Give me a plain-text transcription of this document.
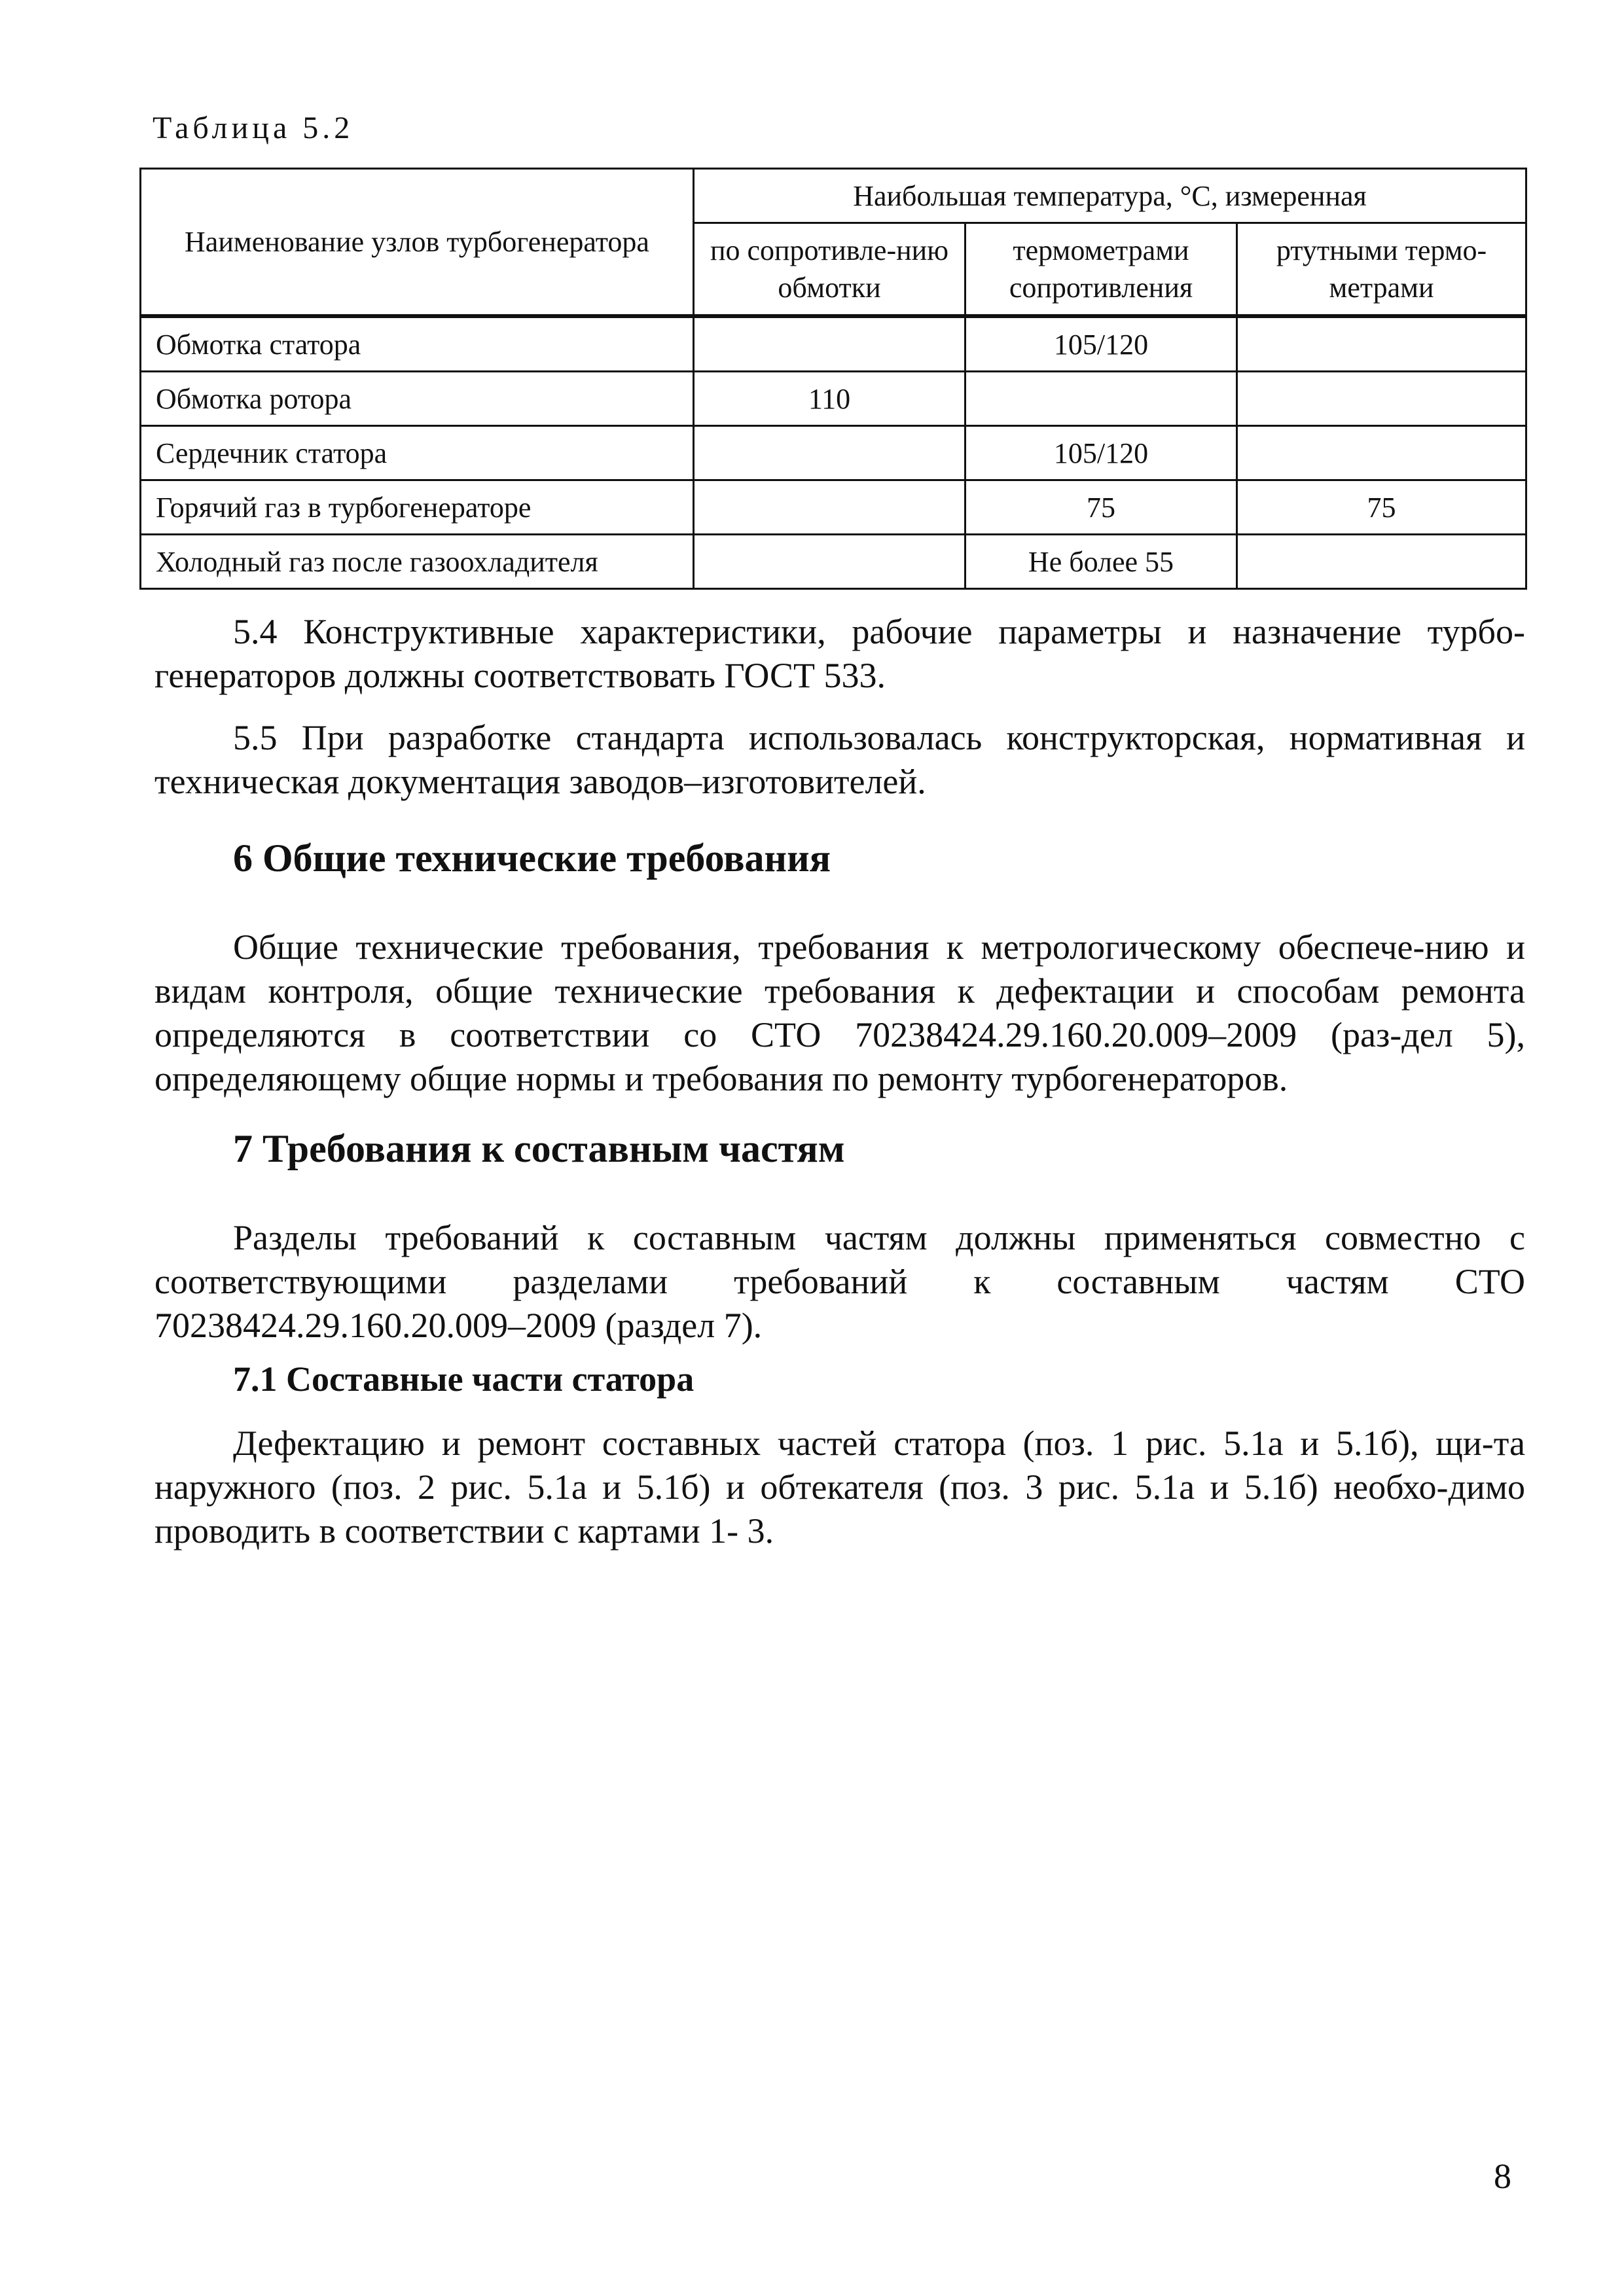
Таблица 5.2
Наименование узлов турбогенератора	Наибольшая температура, °С, измеренная		
	по сопротивле-нию обмотки	термометрами сопротивления	ртутными термо-метрами
Обмотка статора		105/120	
Обмотка ротора	110		
Сердечник статора		105/120	
Горячий газ в турбогенераторе		75	75
Холодный газ после газоохладителя		Не более 55	

5.4 Конструктивные характеристики, рабочие параметры и назначение турбо-генераторов должны соответствовать ГОСТ 533.

5.5 При разработке стандарта использовалась конструкторская, нормативная и техническая документация заводов–изготовителей.

6 Общие технические требования

Общие технические требования, требования к метрологическому обеспече-нию и видам контроля, общие технические требования к дефектации и способам ремонта определяются в соответствии со СТО 70238424.29.160.20.009–2009 (раз-дел 5), определяющему общие нормы и требования по ремонту турбогенераторов.

7 Требования к составным частям

Разделы требований к составным частям должны применяться совместно с соответствующими разделами требований к составным частям СТО 70238424.29.160.20.009–2009 (раздел 7).

7.1 Составные части статора

Дефектацию и ремонт составных частей статора (поз. 1 рис. 5.1а и 5.1б), щи-та наружного (поз. 2 рис. 5.1а и 5.1б) и обтекателя (поз. 3 рис. 5.1а и 5.1б) необхо-димо проводить в соответствии с картами 1- 3.

8
